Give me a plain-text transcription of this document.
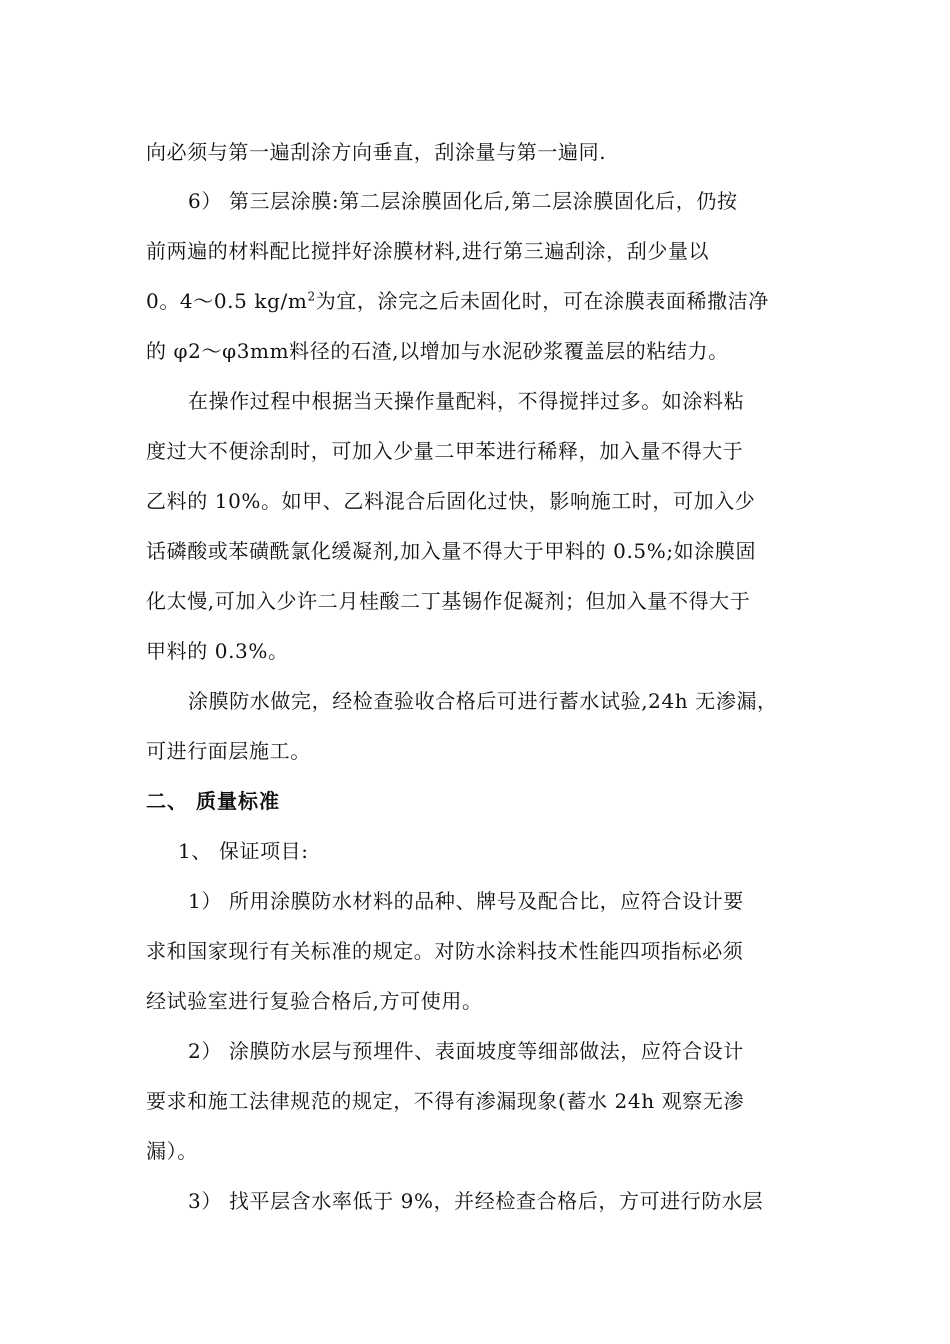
向必须与第一遍刮涂方向垂直，刮涂量与第一遍同.
6） 第三层涂膜:第二层涂膜固化后,第二层涂膜固化后，仍按
前两遍的材料配比搅拌好涂膜材料,进行第三遍刮涂，刮少量以
0。4～0.5 $kg/m^2$为宜，涂完之后未固化时，可在涂膜表面稀撒洁净
的 φ2～φ3mm料径的石渣,以增加与水泥砂浆覆盖层的粘结力。
在操作过程中根据当天操作量配料，不得搅拌过多。如涂料粘
度过大不便涂刮时，可加入少量二甲苯进行稀释，加入量不得大于
乙料的 10%。如甲、乙料混合后固化过快，影响施工时，可加入少
话磷酸或苯磺酰氯化缓凝剂,加入量不得大于甲料的 0.5%;如涂膜固
化太慢,可加入少许二月桂酸二丁基锡作促凝剂；但加入量不得大于
甲料的 0.3%。
涂膜防水做完，经检查验收合格后可进行蓄水试验,24h 无渗漏，
可进行面层施工。
二、 质量标准
1、 保证项目:
1） 所用涂膜防水材料的品种、牌号及配合比，应符合设计要
求和国家现行有关标准的规定。对防水涂料技术性能四项指标必须
经试验室进行复验合格后,方可使用。
2） 涂膜防水层与预埋件、表面坡度等细部做法，应符合设计
要求和施工法律规范的规定，不得有渗漏现象(蓄水 24h 观察无渗
漏）。
3） 找平层含水率低于 9%，并经检查合格后，方可进行防水层
